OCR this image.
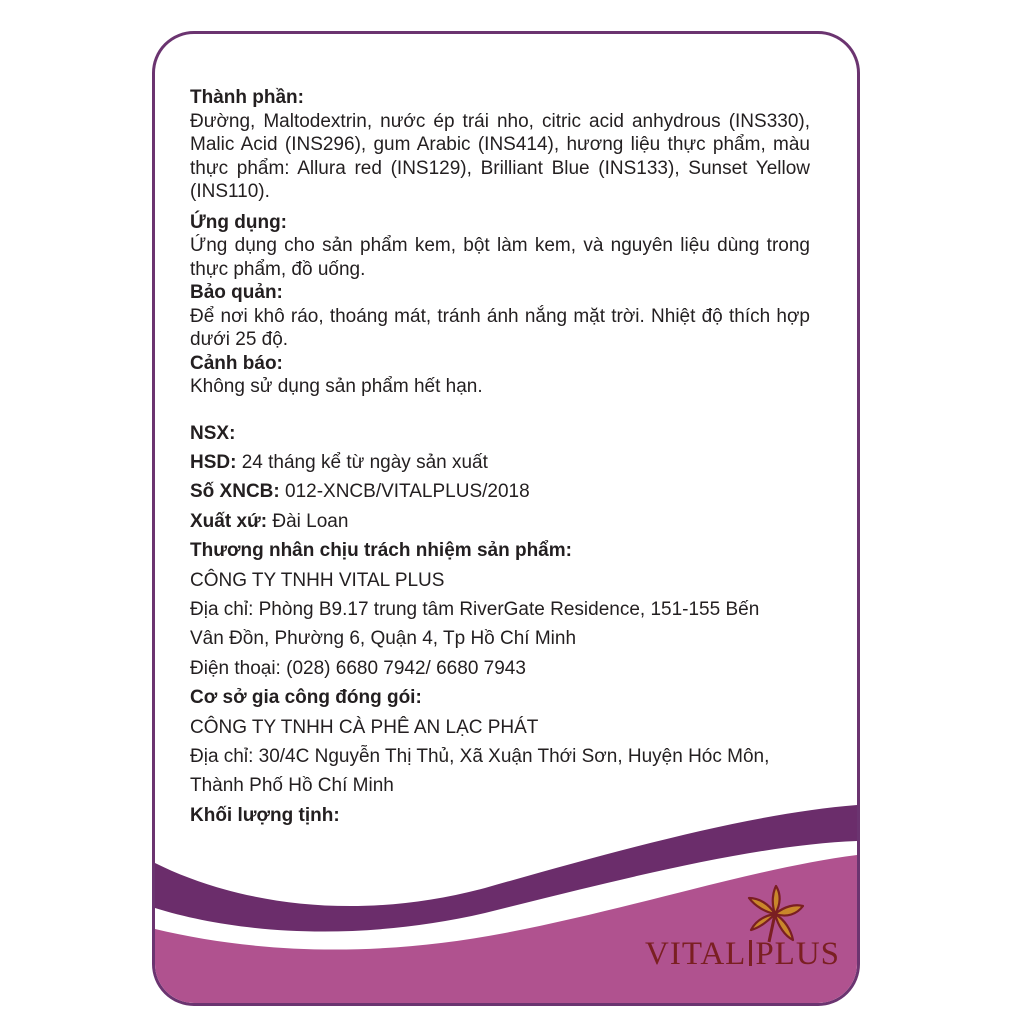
Thành phần:
Đường, Maltodextrin, nước ép trái nho, citric acid anhydrous (INS330), Malic Acid (INS296), gum Arabic (INS414), hương liệu thực phẩm, màu thực phẩm: Allura red (INS129), Brilliant Blue (INS133), Sunset Yellow (INS110).
Ứng dụng:
Ứng dụng cho sản phẩm kem, bột làm kem, và nguyên liệu dùng trong thực phẩm, đồ uống.
Bảo quản:
Để nơi khô ráo, thoáng mát, tránh ánh nắng mặt trời. Nhiệt độ thích hợp dưới 25 độ.
Cảnh báo:
Không sử dụng sản phẩm hết hạn.
NSX:
HSD: 24 tháng kể từ ngày sản xuất
Số XNCB: 012-XNCB/VITALPLUS/2018
Xuất xứ: Đài Loan
Thương nhân chịu trách nhiệm sản phẩm:
CÔNG TY TNHH VITAL PLUS
Địa chỉ: Phòng B9.17 trung tâm RiverGate Residence, 151-155 Bến
Vân Đồn, Phường 6, Quận 4, Tp Hồ Chí Minh
Điện thoại: (028) 6680 7942/ 6680 7943
Cơ sở gia công đóng gói:
CÔNG TY TNHH CÀ PHÊ AN LẠC PHÁT
Địa chỉ: 30/4C Nguyễn Thị Thủ, Xã Xuận Thới Sơn, Huyện Hóc Môn,
Thành Phố Hồ Chí Minh
Khối lượng tịnh:
VITAL PLUS
